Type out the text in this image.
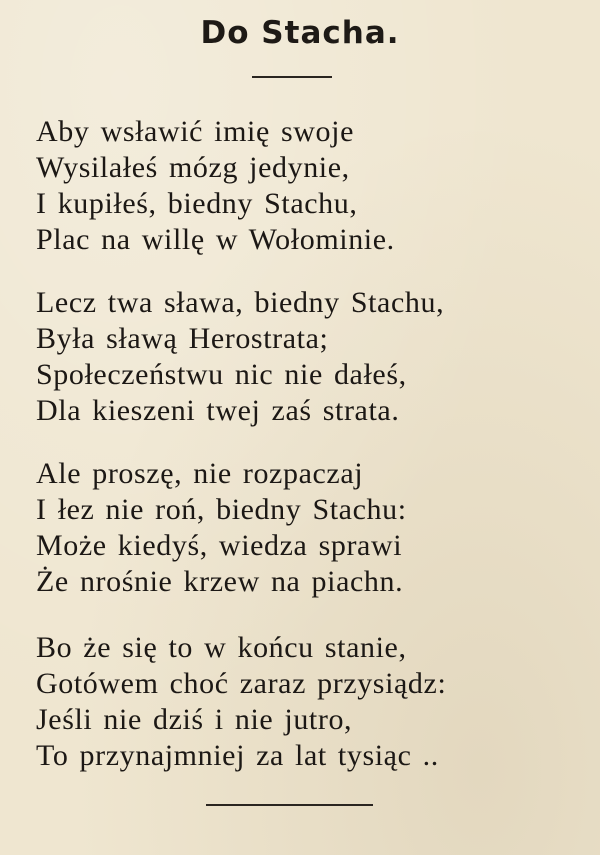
Do Stacha.
Aby wsławić imię swoje
Wysilałeś mózg jedynie,
I kupiłeś, biedny Stachu,
Plac na willę w Wołominie.
Lecz twa sława, biedny Stachu,
Była sławą Herostrata;
Społeczeństwu nic nie dałeś,
Dla kieszeni twej zaś strata.
Ale proszę, nie rozpaczaj
I łez nie roń, biedny Stachu:
Może kiedyś, wiedza sprawi
Że nrośnie krzew na piachn.
Bo że się to w końcu stanie,
Gotówem choć zaraz przysiądz:
Jeśli nie dziś i nie jutro,
To przynajmniej za lat tysiąc ..
